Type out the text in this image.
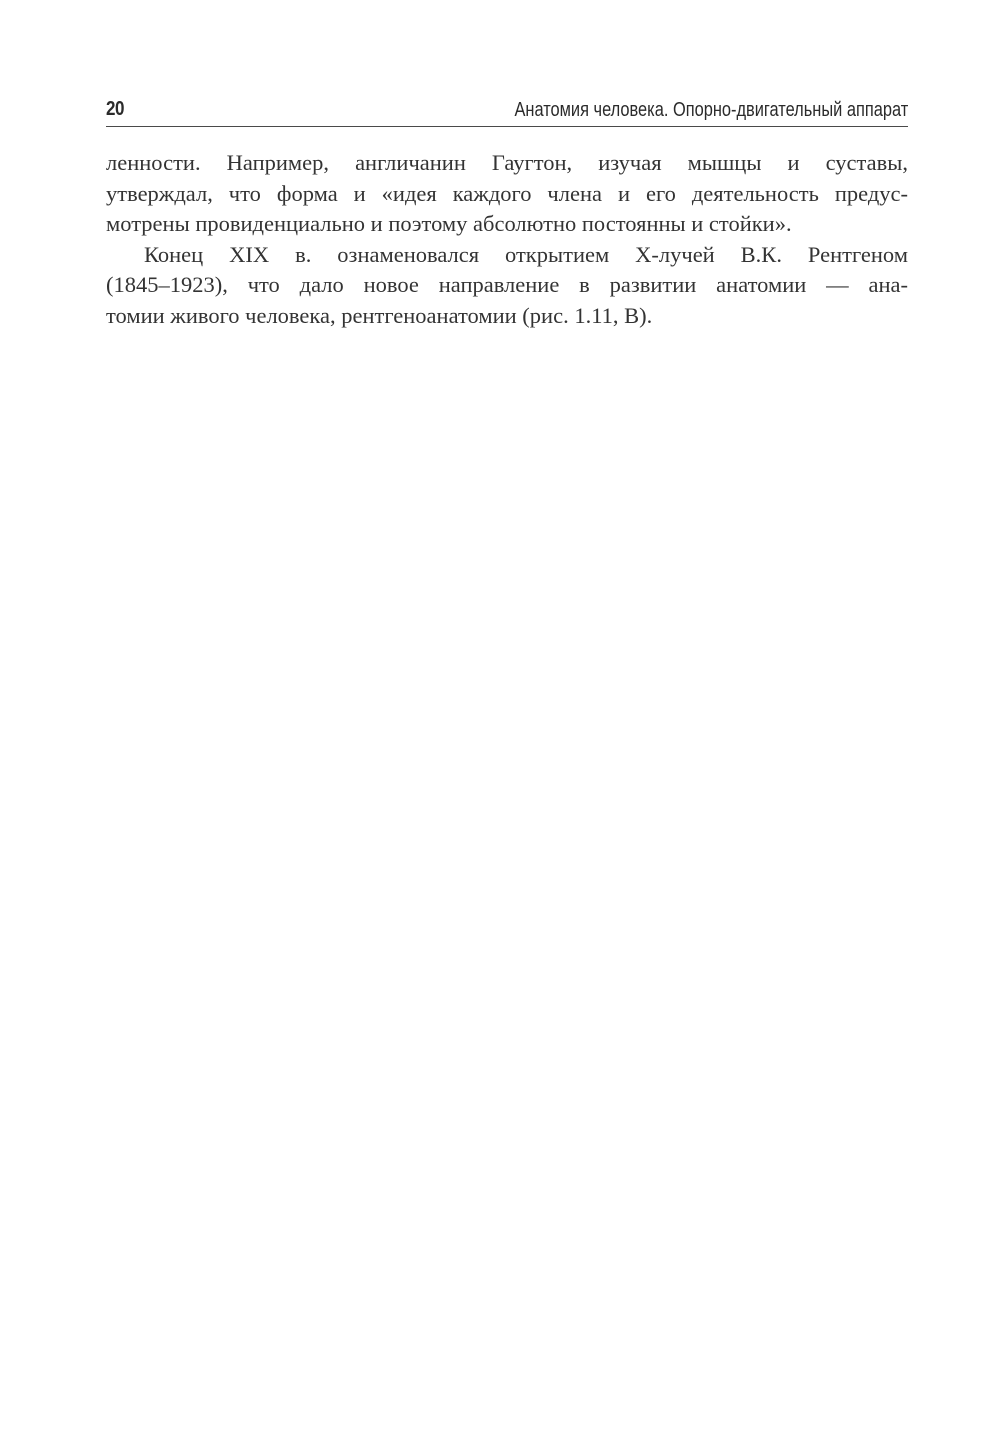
20	Анатомия человека. Опорно-двигательный аппарат
ленности. Например, англичанин Гаугтон, изучая мышцы и суставы,
утверждал, что форма и «идея каждого члена и его деятельность предус-
мотрены провиденциально и поэтому абсолютно постоянны и стойки».
Конец XIX в. ознаменовался открытием X-лучей В.К. Рентгеном
(1845–1923), что дало новое направление в развитии анатомии — ана-
томии живого человека, рентгеноанатомии (рис. 1.11, В).
